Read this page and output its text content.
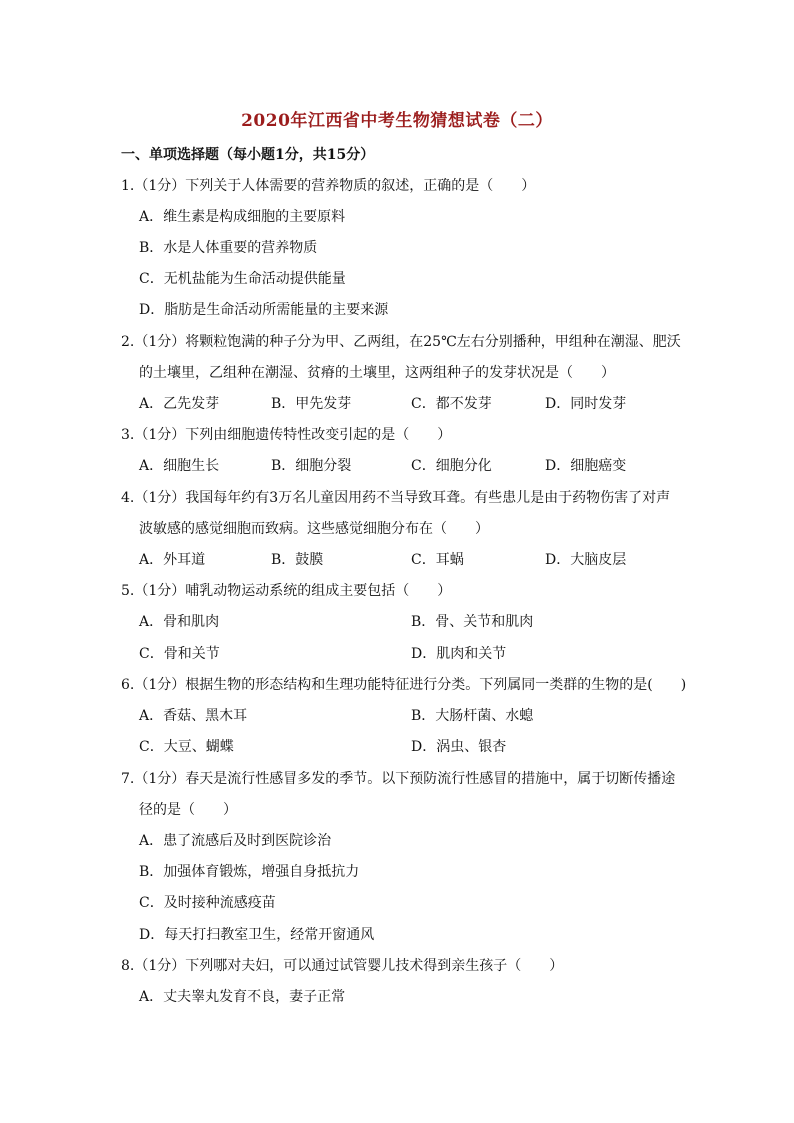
2020年江西省中考生物猜想试卷（二）
一、单项选择题（每小题1分，共15分）
1.（1分）下列关于人体需要的营养物质的叙述，正确的是（　　）
A．维生素是构成细胞的主要原料
B．水是人体重要的营养物质
C．无机盐能为生命活动提供能量
D．脂肪是生命活动所需能量的主要来源
2.（1分）将颗粒饱满的种子分为甲、乙两组，在25℃左右分别播种，甲组种在潮湿、肥沃
的土壤里，乙组种在潮湿、贫瘠的土壤里，这两组种子的发芽状况是（　　）
A．乙先发芽	B．甲先发芽	C．都不发芽	D．同时发芽
3.（1分）下列由细胞遗传特性改变引起的是（　　）
A．细胞生长	B．细胞分裂	C．细胞分化	D．细胞癌变
4.（1分）我国每年约有3万名儿童因用药不当导致耳聋。有些患儿是由于药物伤害了对声
波敏感的感觉细胞而致病。这些感觉细胞分布在（　　）
A．外耳道	B．鼓膜	C．耳蜗	D．大脑皮层
5.（1分）哺乳动物运动系统的组成主要包括（　　）
A．骨和肌肉	B．骨、关节和肌肉
C．骨和关节	D．肌肉和关节
6.（1分）根据生物的形态结构和生理功能特征进行分类。下列属同一类群的生物的是(　　)
A．香菇、黑木耳	B．大肠杆菌、水螅
C．大豆、蝴蝶	D．涡虫、银杏
7.（1分）春天是流行性感冒多发的季节。以下预防流行性感冒的措施中，属于切断传播途
径的是（　　）
A．患了流感后及时到医院诊治
B．加强体育锻炼，增强自身抵抗力
C．及时接种流感疫苗
D．每天打扫教室卫生，经常开窗通风
8.（1分）下列哪对夫妇，可以通过试管婴儿技术得到亲生孩子（　　）
A．丈夫睾丸发育不良，妻子正常
